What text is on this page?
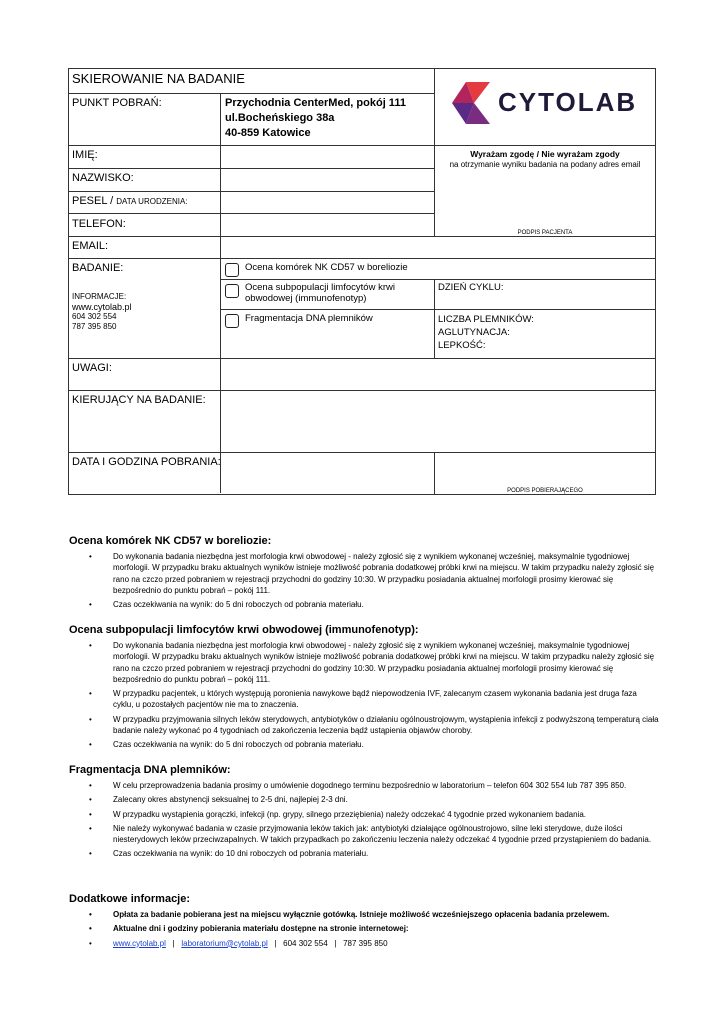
SKIEROWANIE NA BADANIE
PUNKT POBRAŃ:	Przychodnia CenterMed, pokój 111
ul.Bocheńskiego 38a
40-859 Katowice
CYTOLAB
Wyrażam zgodę / Nie wyrażam zgody
na otrzymanie wyniku badania na podany adres email
PODPIS PACJENTA
IMIĘ:
NAZWISKO:
PESEL / DATA URODZENIA:
TELEFON:
EMAIL:
BADANIE:
INFORMACJE:
www.cytolab.pl
604 302 554
787 395 850
Ocena komórek NK CD57 w boreliozie
Ocena subpopulacji limfocytów krwi
obwodowej (immunofenotyp)
Fragmentacja DNA plemników
DZIEŃ CYKLU:
LICZBA PLEMNIKÓW:
AGLUTYNACJA:
LEPKOŚĆ:
UWAGI:
KIERUJĄCY NA BADANIE:
DATA I GODZINA POBRANIA:
PODPIS POBIERAJĄCEGO
Ocena komórek NK CD57 w boreliozie:
• Do wykonania badania niezbędna jest morfologia krwi obwodowej - należy zgłosić się z wynikiem wykonanej wcześniej, maksymalnie tygodniowej morfologii. W przypadku braku aktualnych wyników istnieje możliwość pobrania dodatkowej próbki krwi na miejscu. W takim przypadku należy zgłosić się rano na czczo przed pobraniem w rejestracji przychodni do godziny 10:30. W przypadku posiadania aktualnej morfologii prosimy kierować się bezpośrednio do punktu pobrań – pokój 111.
• Czas oczekiwania na wynik: do 5 dni roboczych od pobrania materiału.
Ocena subpopulacji limfocytów krwi obwodowej (immunofenotyp):
• Do wykonania badania niezbędna jest morfologia krwi obwodowej - należy zgłosić się z wynikiem wykonanej wcześniej, maksymalnie tygodniowej morfologii. W przypadku braku aktualnych wyników istnieje możliwość pobrania dodatkowej próbki krwi na miejscu. W takim przypadku należy zgłosić się rano na czczo przed pobraniem w rejestracji przychodni do godziny 10:30. W przypadku posiadania aktualnej morfologii prosimy kierować się bezpośrednio do punktu pobrań – pokój 111.
• W przypadku pacjentek, u których występują poronienia nawykowe bądź niepowodzenia IVF, zalecanym czasem wykonania badania jest druga faza cyklu, u pozostałych pacjentów nie ma to znaczenia.
• W przypadku przyjmowania silnych leków sterydowych, antybiotyków o działaniu ogólnoustrojowym, wystąpienia infekcji z podwyższoną temperaturą ciała badanie należy wykonać po 4 tygodniach od zakończenia leczenia bądź ustąpienia objawów choroby.
• Czas oczekiwania na wynik: do 5 dni roboczych od pobrania materiału.
Fragmentacja DNA plemników:
• W celu przeprowadzenia badania prosimy o umówienie dogodnego terminu bezpośrednio w laboratorium – telefon 604 302 554 lub 787 395 850.
• Zalecany okres abstynencji seksualnej to 2-5 dni, najlepiej 2-3 dni.
• W przypadku wystąpienia gorączki, infekcji (np. grypy, silnego przeziębienia) należy odczekać 4 tygodnie przed wykonaniem badania.
• Nie należy wykonywać badania w czasie przyjmowania leków takich jak: antybiotyki działające ogólnoustrojowo, silne leki sterydowe, duże ilości niesterydowych leków przeciwzapalnych. W takich przypadkach po zakończeniu leczenia należy odczekać 4 tygodnie przed przystąpieniem do badania.
• Czas oczekiwania na wynik: do 10 dni roboczych od pobrania materiału.
Dodatkowe informacje:
• Opłata za badanie pobierana jest na miejscu wyłącznie gotówką. Istnieje możliwość wcześniejszego opłacenia badania przelewem.
• Aktualne dni i godziny pobierania materiału dostępne na stronie internetowej:
• www.cytolab.pl | laboratorium@cytolab.pl | 604 302 554 | 787 395 850
